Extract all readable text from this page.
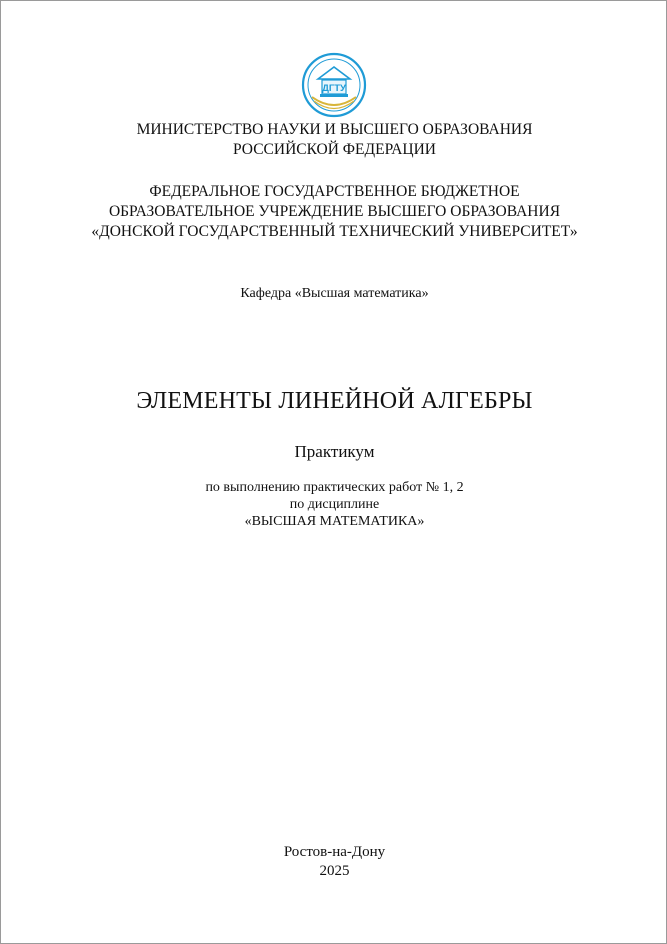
ДГТУ
МИНИСТЕРСТВО НАУКИ И ВЫСШЕГО ОБРАЗОВАНИЯ
РОССИЙСКОЙ ФЕДЕРАЦИИ
ФЕДЕРАЛЬНОЕ ГОСУДАРСТВЕННОЕ БЮДЖЕТНОЕ
ОБРАЗОВАТЕЛЬНОЕ УЧРЕЖДЕНИЕ ВЫСШЕГО ОБРАЗОВАНИЯ
«ДОНСКОЙ ГОСУДАРСТВЕННЫЙ ТЕХНИЧЕСКИЙ УНИВЕРСИТЕТ»
Кафедра «Высшая математика»
ЭЛЕМЕНТЫ ЛИНЕЙНОЙ АЛГЕБРЫ
Практикум
по выполнению практических работ № 1, 2
по дисциплине
«ВЫСШАЯ МАТЕМАТИКА»
Ростов-на-Дону
2025
